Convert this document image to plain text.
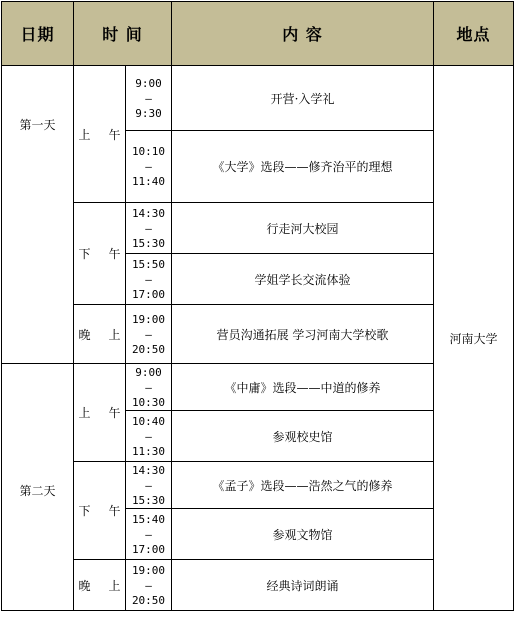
日期	时 间		内 容	地点
第一天	上 午	9:00
–
9:30	开营·入学礼	河南大学

		10:10
–
11:40	《大学》选段——修齐治平的理想	
	下 午	14:30
–
15:30	行走河大校园	

		15:50
–
17:00	学姐学长交流体验	
	晚 上	19:00
–
20:50	营员沟通拓展 学习河南大学校歌	
第二天	上 午	9:00
–
10:30	《中庸》选段——中道的修养	

		10:40
–
11:30	参观校史馆	
	下 午	14:30
–
15:30	《孟子》选段——浩然之气的修养	

		15:40
–
17:00	参观文物馆	
	晚 上	19:00
–
20:50	经典诗词朗诵	
